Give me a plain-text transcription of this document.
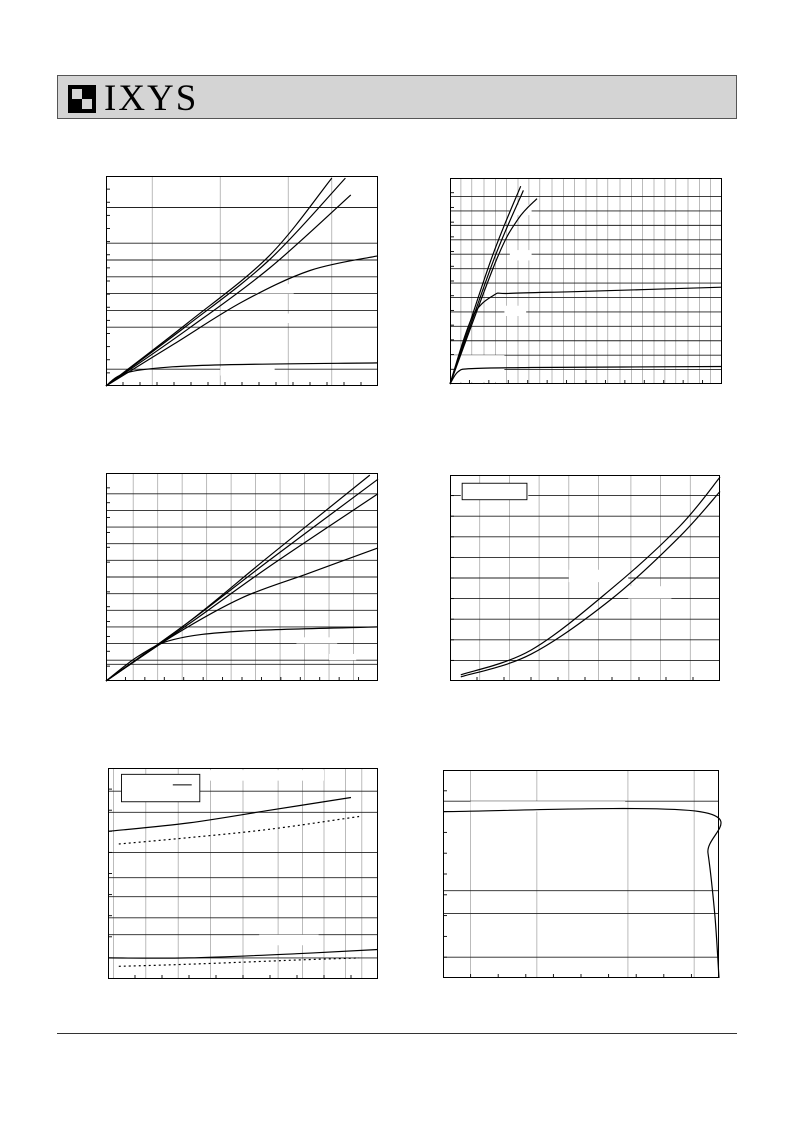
IXYS
